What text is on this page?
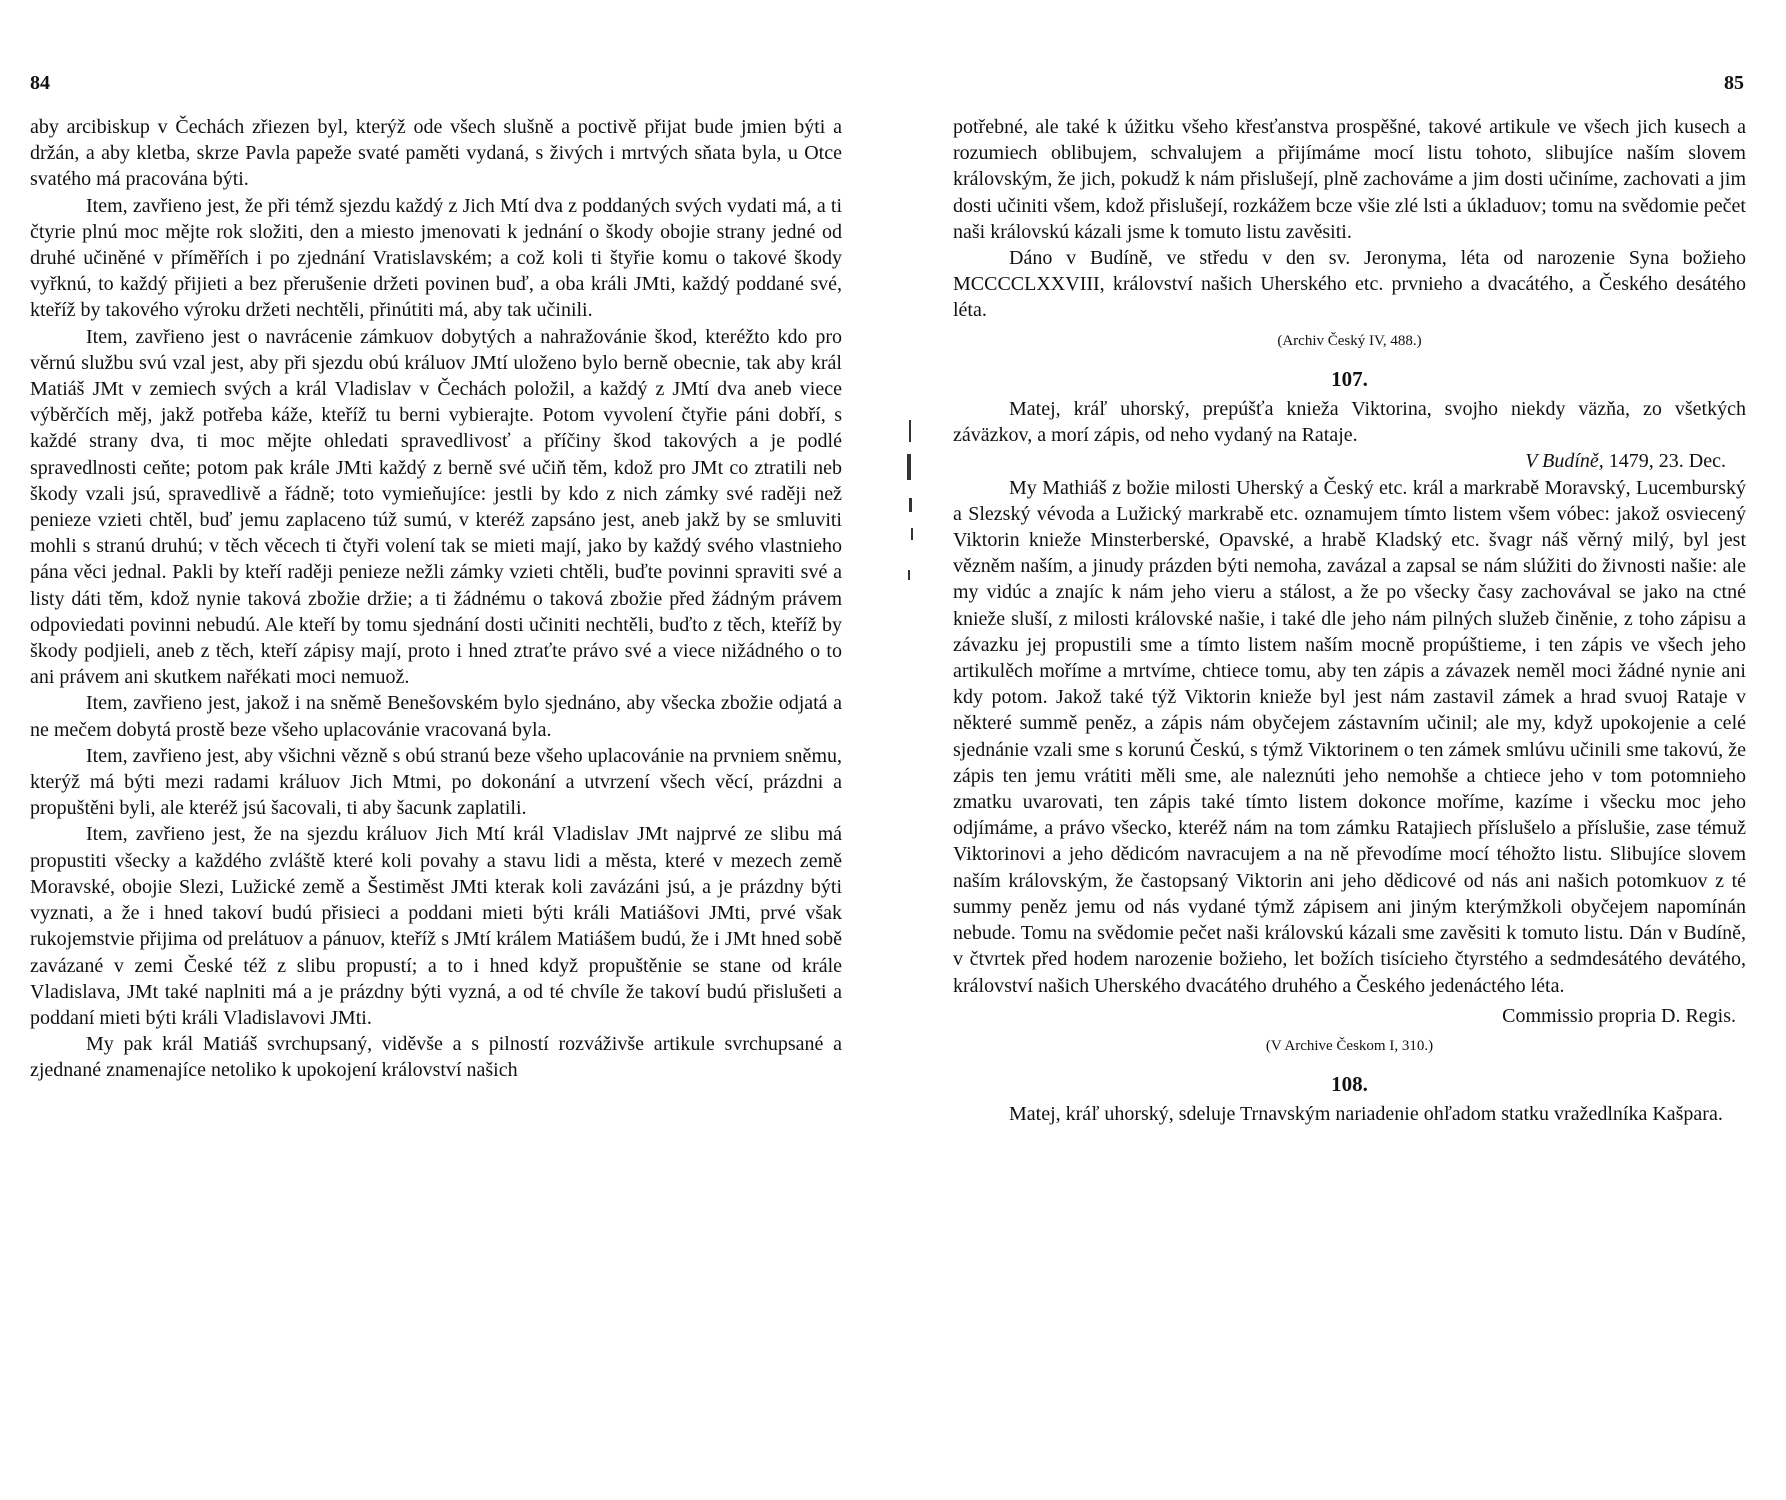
84

aby arcibiskup v Čechách zřiezen byl, kterýž ode všech slušně a poctivě přijat bude jmien býti a držán, a aby kletba, skrze Pavla papeže svaté paměti vydaná, s živých i mrtvých sňata byla, u Otce svatého má pracována býti.

Item, zavřieno jest, že při témž sjezdu každý z Jich Mtí dva z poddaných svých vydati má, a ti čtyrie plnú moc mějte rok složiti, den a miesto jmenovati k jednání o škody obojie strany jedné od druhé učiněné v příměřích i po zjednání Vratislavském; a což koli ti štyřie komu o takové škody vyřknú, to každý přijieti a bez přerušenie držeti povinen buď, a oba králi JMti, každý poddané své, kteříž by takového výroku držeti nechtěli, přinútiti má, aby tak učinili.

Item, zavřieno jest o navrácenie zámkuov dobytých a nahražovánie škod, kteréžto kdo pro věrnú službu svú vzal jest, aby při sjezdu obú králuov JMtí uloženo bylo berně obecnie, tak aby král Matiáš JMt v zemiech svých a král Vladislav v Čechách položil, a každý z JMtí dva aneb viece výběrčích měj, jakž potřeba káže, kteříž tu berni vybierajte. Potom vyvolení čtyřie páni dobří, s každé strany dva, ti moc mějte ohledati spravedlivosť a příčiny škod takových a je podlé spravedlnosti ceňte; potom pak krále JMti každý z berně své učiň těm, kdož pro JMt co ztratili neb škody vzali jsú, spravedlivě a řádně; toto vymieňujíce: jestli by kdo z nich zámky své raději než penieze vzieti chtěl, buď jemu zaplaceno túž sumú, v kteréž zapsáno jest, aneb jakž by se smluviti mohli s stranú druhú; v těch věcech ti čtyři volení tak se mieti mají, jako by každý svého vlastnieho pána věci jednal. Pakli by kteří raději penieze nežli zámky vzieti chtěli, buďte povinni spraviti své a listy dáti těm, kdož nynie taková zbožie držie; a ti žádnému o taková zbožie před žádným právem odpoviedati povinni nebudú. Ale kteří by tomu sjednání dosti učiniti nechtěli, buďto z těch, kteříž by škody podjieli, aneb z těch, kteří zápisy mají, proto i hned ztraťte právo své a viece nižádného o to ani právem ani skutkem nařékati moci nemuož.

Item, zavřieno jest, jakož i na sněmě Benešovském bylo sjednáno, aby všecka zbožie odjatá a ne mečem dobytá prostě beze všeho uplacovánie vracovaná byla.

Item, zavřieno jest, aby všichni vězně s obú stranú beze všeho uplacovánie na prvniem sněmu, kterýž má býti mezi radami králuov Jich Mtmi, po dokonání a utvrzení všech věcí, prázdni a propuštěni byli, ale kteréž jsú šacovali, ti aby šacunk zaplatili.

Item, zavřieno jest, že na sjezdu králuov Jich Mtí král Vladislav JMt najprvé ze slibu má propustiti všecky a každého zvláště které koli povahy a stavu lidi a města, které v mezech země Moravské, obojie Slezi, Lužické země a Šestiměst JMti kterak koli zavázáni jsú, a je prázdny býti vyznati, a že i hned takoví budú přisieci a poddani mieti býti králi Matiášovi JMti, prvé však rukojemstvie přijima od prelátuov a pánuov, kteříž s JMtí králem Matiášem budú, že i JMt hned sobě zavázané v zemi České též z slibu propustí; a to i hned když propuštěnie se stane od krále Vladislava, JMt také naplniti má a je prázdny býti vyzná, a od té chvíle že takoví budú přislušeti a poddaní mieti býti králi Vladislavovi JMti.

My pak král Matiáš svrchupsaný, viděvše a s pilností rozváživše artikule svrchupsané a zjednané znamenajíce netoliko k upokojení království našich

85

potřebné, ale také k úžitku všeho křesťanstva prospěšné, takové artikule ve všech jich kusech a rozumiech oblibujem, schvalujem a přijímáme mocí listu tohoto, slibujíce naším slovem královským, že jich, pokudž k nám přislušejí, plně zachováme a jim dosti učiníme, zachovati a jim dosti učiniti všem, kdož přislušejí, rozkážem bcze všie zlé lsti a úkladuov; tomu na svědomie pečet naši královskú kázali jsme k tomuto listu zavěsiti.

Dáno v Budíně, ve středu v den sv. Jeronyma, léta od narozenie Syna božieho MCCCCLXXVIII, království našich Uherského etc. prvnieho a dvacátého, a Českého desátého léta.

(Archiv Český IV, 488.)

107.

Matej, kráľ uhorský, prepúšťa knieža Viktorina, svojho niekdy väzňa, zo všetkých záväzkov, a morí zápis, od neho vydaný na Rataje.

V Budíně, 1479, 23. Dec.

My Mathiáš z božie milosti Uherský a Český etc. král a markrabě Moravský, Lucemburský a Slezský vévoda a Lužický markrabě etc. oznamujem tímto listem všem vóbec: jakož osviecený Viktorin knieže Minsterberské, Opavské, a hrabě Kladský etc. švagr náš věrný milý, byl jest vězněm naším, a jinudy prázden býti nemoha, zavázal a zapsal se nám slúžiti do živnosti našie: ale my vidúc a znajíc k nám jeho vieru a stálost, a že po všecky časy zachovával se jako na ctné knieže sluší, z milosti královské našie, i také dle jeho nám pilných služeb činěnie, z toho zápisu a závazku jej propustili sme a tímto listem naším mocně propúštieme, i ten zápis ve všech jeho artikulěch moříme a mrtvíme, chtiece tomu, aby ten zápis a závazek neměl moci žádné nynie ani kdy potom. Jakož také týž Viktorin knieže byl jest nám zastavil zámek a hrad svuoj Rataje v některé summě peněz, a zápis nám obyčejem zástavním učinil; ale my, když upokojenie a celé sjednánie vzali sme s korunú Českú, s týmž Viktorinem o ten zámek smlúvu učinili sme takovú, že zápis ten jemu vrátiti měli sme, ale naleznúti jeho nemohše a chtiece jeho v tom potomnieho zmatku uvarovati, ten zápis také tímto listem dokonce moříme, kazíme i všecku moc jeho odjímáme, a právo všecko, kteréž nám na tom zámku Ratajiech příslušelo a příslušie, zase témuž Viktorinovi a jeho dědicóm navracujem a na ně převodíme mocí téhožto listu. Slibujíce slovem naším královským, že častopsaný Viktorin ani jeho dědicové od nás ani našich potomkuov z té summy peněz jemu od nás vydané týmž zápisem ani jiným kterýmžkoli obyčejem napomínán nebude. Tomu na svědomie pečet naši královskú kázali sme zavěsiti k tomuto listu. Dán v Budíně, v čtvrtek před hodem narozenie božieho, let božích tisícieho čtyrstého a sedmdesátého devátého, království našich Uherského dvacátého druhého a Českého jedenáctého léta.

Commissio propria D. Regis.

(V Archive Českom I, 310.)

108.

Matej, kráľ uhorský, sdeluje Trnavským nariadenie ohľadom statku vražedlníka Kašpara.
